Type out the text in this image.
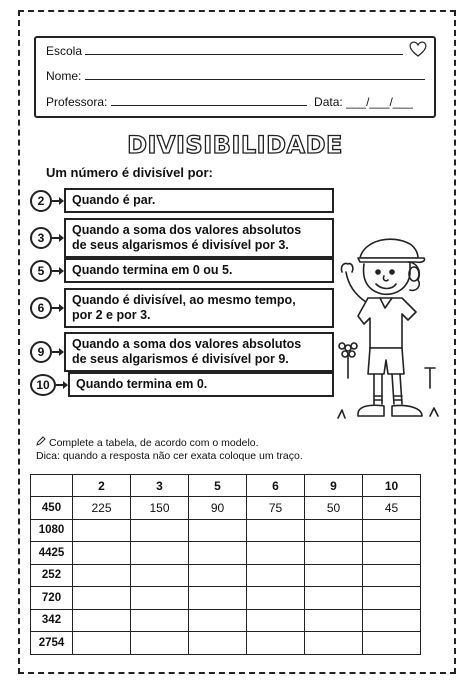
Escola
Nome:
Professora:	Data: ___/___/___
DIVISIBILIDADE
Um número é divisível por:
2	Quando é par.
3
Quando a soma dos valores absolutos
de seus algarismos é divisível por 3.
5	Quando termina em 0 ou 5.
6
Quando é divisível, ao mesmo tempo,
por 2 e por 3.
9
Quando a soma dos valores absolutos
de seus algarismos é divisível por 9.
10	Quando termina em 0.
Complete a tabela, de acordo com o modelo.
Dica: quando a resposta não cer exata coloque um traço.
	2	3	5	6	9	10
450	225	150	90	75	50	45
1080						
4425						
252						
720						
342						
2754						
